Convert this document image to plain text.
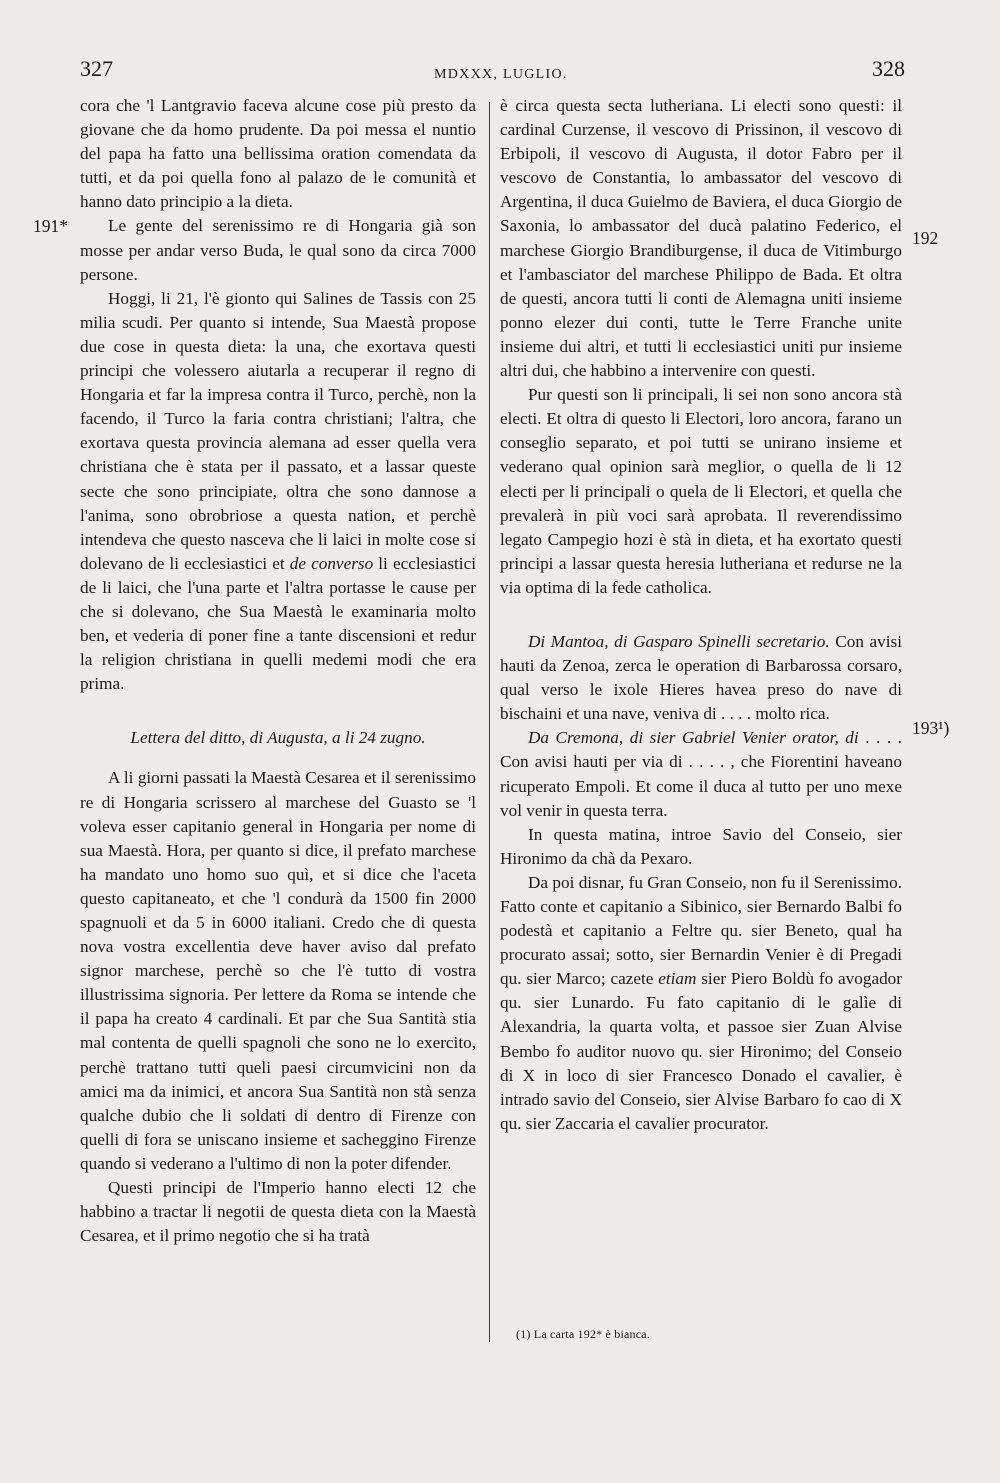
327	MDXXX, LUGLIO.	328
191*
192
193¹)

cora che 'l Lantgravio faceva alcune cose più presto da giovane che da homo prudente. Da poi messa el nuntio del papa ha fatto una bellissima oration comendata da tutti, et da poi quella fono al palazo de le comunità et hanno dato principio a la dieta.

Le gente del serenissimo re di Hongaria già son mosse per andar verso Buda, le qual sono da circa 7000 persone.

Hoggi, li 21, l'è gionto qui Salines de Tassis con 25 milia scudi. Per quanto si intende, Sua Maestà propose due cose in questa dieta: la una, che exortava questi principi che volessero aiutarla a recuperar il regno di Hongaria et far la impresa contra il Turco, perchè, non la facendo, il Turco la faria contra christiani; l'altra, che exortava questa provincia alemana ad esser quella vera christiana che è stata per il passato, et a lassar queste secte che sono principiate, oltra che sono dannose a l'anima, sono obrobriose a questa nation, et perchè intendeva che questo nasceva che li laici in molte cose si dolevano de li ecclesiastici et de converso li ecclesiastici de li laici, che l'una parte et l'altra portasse le cause per che si dolevano, che Sua Maestà le examinaria molto ben, et vederia di poner fine a tante discensioni et redur la religion christiana in quelli medemi modi che era prima.

Lettera del ditto, di Augusta, a li 24 zugno.

A li giorni passati la Maestà Cesarea et il serenissimo re di Hongaria scrissero al marchese del Guasto se 'l voleva esser capitanio general in Hongaria per nome di sua Maestà. Hora, per quanto si dice, il prefato marchese ha mandato uno homo suo quì, et si dice che l'aceta questo capitaneato, et che 'l condurà da 1500 fin 2000 spagnuoli et da 5 in 6000 italiani. Credo che di questa nova vostra excellentia deve haver aviso dal prefato signor marchese, perchè so che l'è tutto di vostra illustrissima signoria. Per lettere da Roma se intende che il papa ha creato 4 cardinali. Et par che Sua Santità stia mal contenta de quelli spagnoli che sono ne lo exercito, perchè trattano tutti queli paesi circumvicini non da amici ma da inimici, et ancora Sua Santità non stà senza qualche dubio che li soldati di dentro di Firenze con quelli di fora se uniscano insieme et sacheggino Firenze quando si vederano a l'ultimo di non la poter difender.

Questi principi de l'Imperio hanno electi 12 che habbino a tractar li negotii de questa dieta con la Maestà Cesarea, et il primo negotio che si ha tratà

è circa questa secta lutheriana. Li electi sono questi: il cardinal Curzense, il vescovo di Prissinon, il vescovo di Erbipoli, il vescovo di Augusta, il dotor Fabro per il vescovo de Constantia, lo ambassator del vescovo di Argentina, il duca Guielmo de Baviera, el duca Giorgio de Saxonia, lo ambassator del ducà palatino Federico, el marchese Giorgio Brandiburgense, il duca de Vitimburgo et l'ambasciator del marchese Philippo de Bada. Et oltra de questi, ancora tutti li conti de Alemagna uniti insieme ponno elezer dui conti, tutte le Terre Franche unite insieme dui altri, et tutti li ecclesiastici uniti pur insieme altri dui, che habbino a intervenire con questi.

Pur questi son li principali, li sei non sono ancora stà electi. Et oltra di questo li Electori, loro ancora, farano un conseglio separato, et poi tutti se unirano insieme et vederano qual opinion sarà meglior, o quella de li 12 electi per li principali o quela de li Electori, et quella che prevalerà in più voci sarà aprobata. Il reverendissimo legato Campegio hozi è stà in dieta, et ha exortato questi principi a lassar questa heresia lutheriana et redurse ne la via optima di la fede catholica.

Di Mantoa, di Gasparo Spinelli secretario. Con avisi hauti da Zenoa, zerca le operation di Barbarossa corsaro, qual verso le ixole Hieres havea preso do nave di bischaini et una nave, veniva di . . . . molto rica.

Da Cremona, di sier Gabriel Venier orator, di . . . . Con avisi hauti per via di . . . . , che Fiorentini haveano ricuperato Empoli. Et come il duca al tutto per uno mexe vol venir in questa terra.

In questa matina, introe Savio del Conseio, sier Hironimo da chà da Pexaro.

Da poi disnar, fu Gran Conseio, non fu il Serenissimo. Fatto conte et capitanio a Sibinico, sier Bernardo Balbi fo podestà et capitanio a Feltre qu. sier Beneto, qual ha procurato assai; sotto, sier Bernardin Venier è di Pregadi qu. sier Marco; cazete etiam sier Piero Boldù fo avogador qu. sier Lunardo. Fu fato capitanio di le galìe di Alexandria, la quarta volta, et passoe sier Zuan Alvise Bembo fo auditor nuovo qu. sier Hironimo; del Conseio di X in loco di sier Francesco Donado el cavalier, è intrado savio del Conseio, sier Alvise Barbaro fo cao di X qu. sier Zaccaria el cavalier procurator.

(1) La carta 192* è bianca.
